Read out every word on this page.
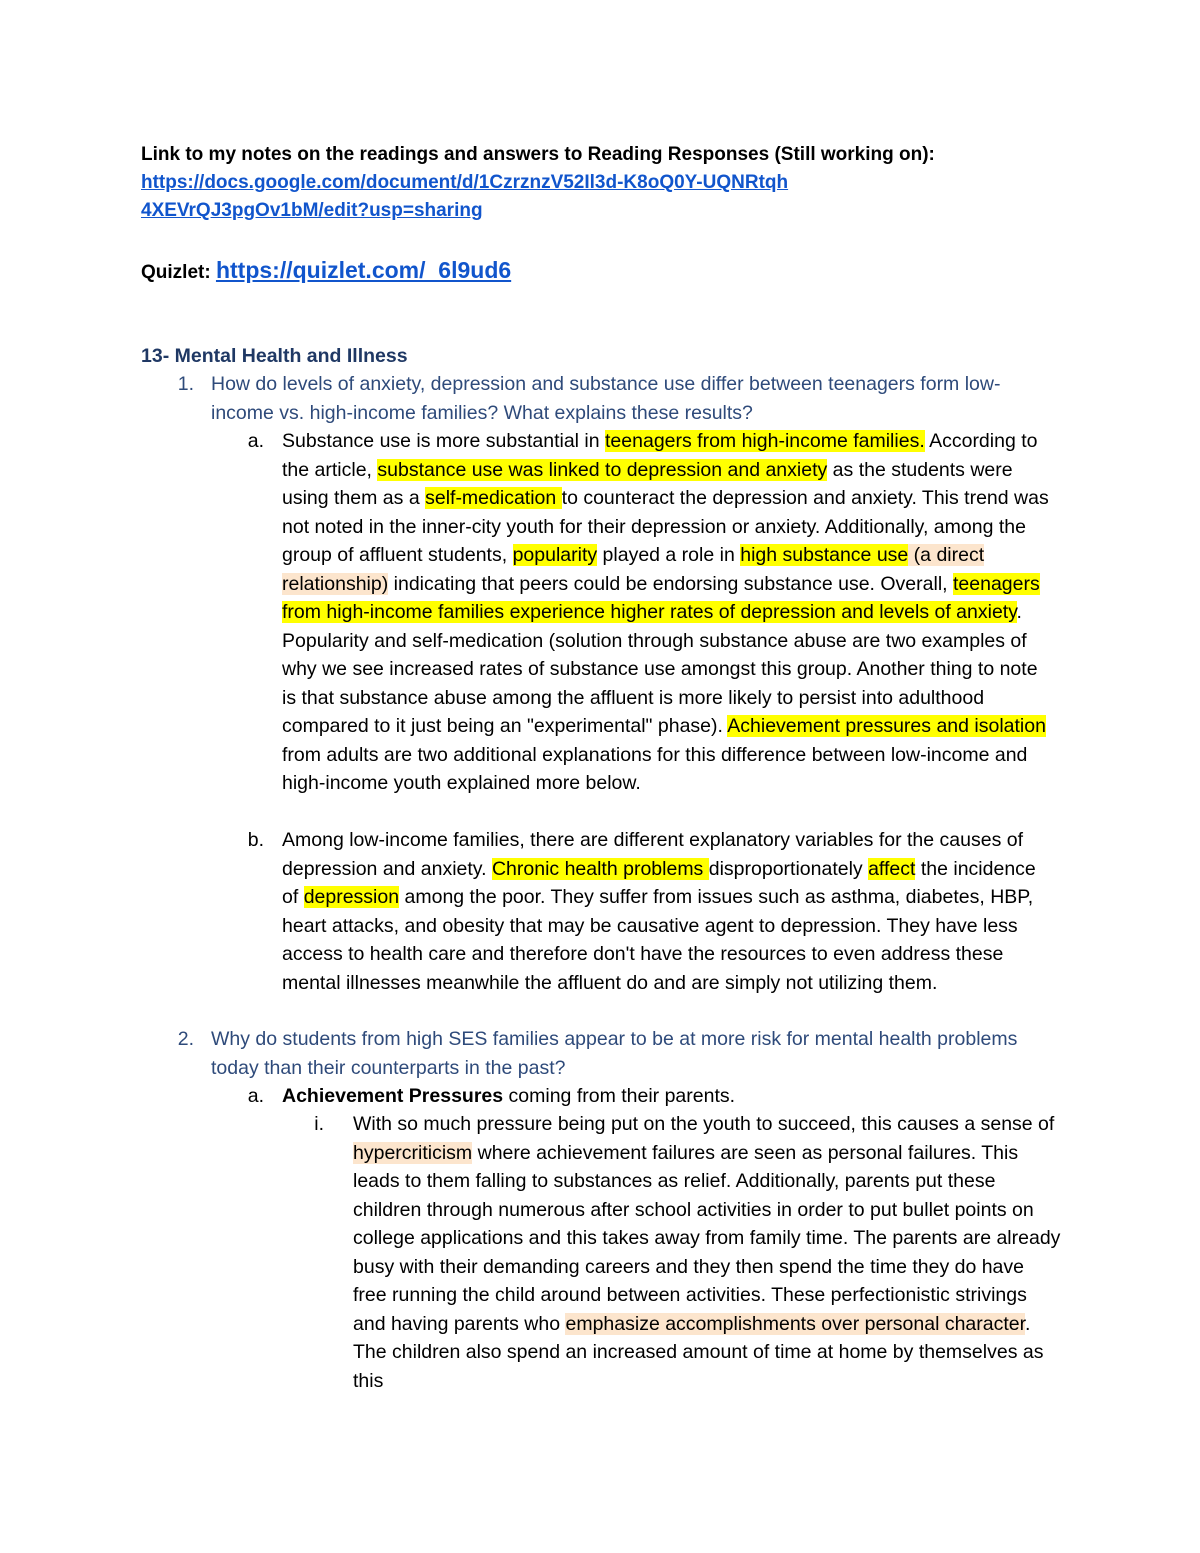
Link to my notes on the readings and answers to Reading Responses (Still working on):

https://docs.google.com/document/d/1CzrznzV52Il3d-K8oQ0Y-UQNRtqh4XEVrQJ3pgOv1bM/edit?usp=sharing
Quizlet: https://quizlet.com/_6l9ud6
13- Mental Health and Illness
1. How do levels of anxiety, depression and substance use differ between teenagers form low-income vs. high-income families? What explains these results?
a. Substance use is more substantial in teenagers from high-income families. According to the article, substance use was linked to depression and anxiety as the students were using them as a self-medication to counteract the depression and anxiety. This trend was not noted in the inner-city youth for their depression or anxiety. Additionally, among the group of affluent students, popularity played a role in high substance use (a direct relationship) indicating that peers could be endorsing substance use. Overall, teenagers from high-income families experience higher rates of depression and levels of anxiety. Popularity and self-medication (solution through substance abuse are two examples of why we see increased rates of substance use amongst this group. Another thing to note is that substance abuse among the affluent is more likely to persist into adulthood compared to it just being an "experimental" phase). Achievement pressures and isolation from adults are two additional explanations for this difference between low-income and high-income youth explained more below.
b. Among low-income families, there are different explanatory variables for the causes of depression and anxiety. Chronic health problems disproportionately affect the incidence of depression among the poor. They suffer from issues such as asthma, diabetes, HBP, heart attacks, and obesity that may be causative agent to depression. They have less access to health care and therefore don't have the resources to even address these mental illnesses meanwhile the affluent do and are simply not utilizing them.
2. Why do students from high SES families appear to be at more risk for mental health problems today than their counterparts in the past?
a. Achievement Pressures coming from their parents.
i. With so much pressure being put on the youth to succeed, this causes a sense of hypercriticism where achievement failures are seen as personal failures. This leads to them falling to substances as relief. Additionally, parents put these children through numerous after school activities in order to put bullet points on college applications and this takes away from family time. The parents are already busy with their demanding careers and they then spend the time they do have free running the child around between activities. These perfectionistic strivings and having parents who emphasize accomplishments over personal character. The children also spend an increased amount of time at home by themselves as this
